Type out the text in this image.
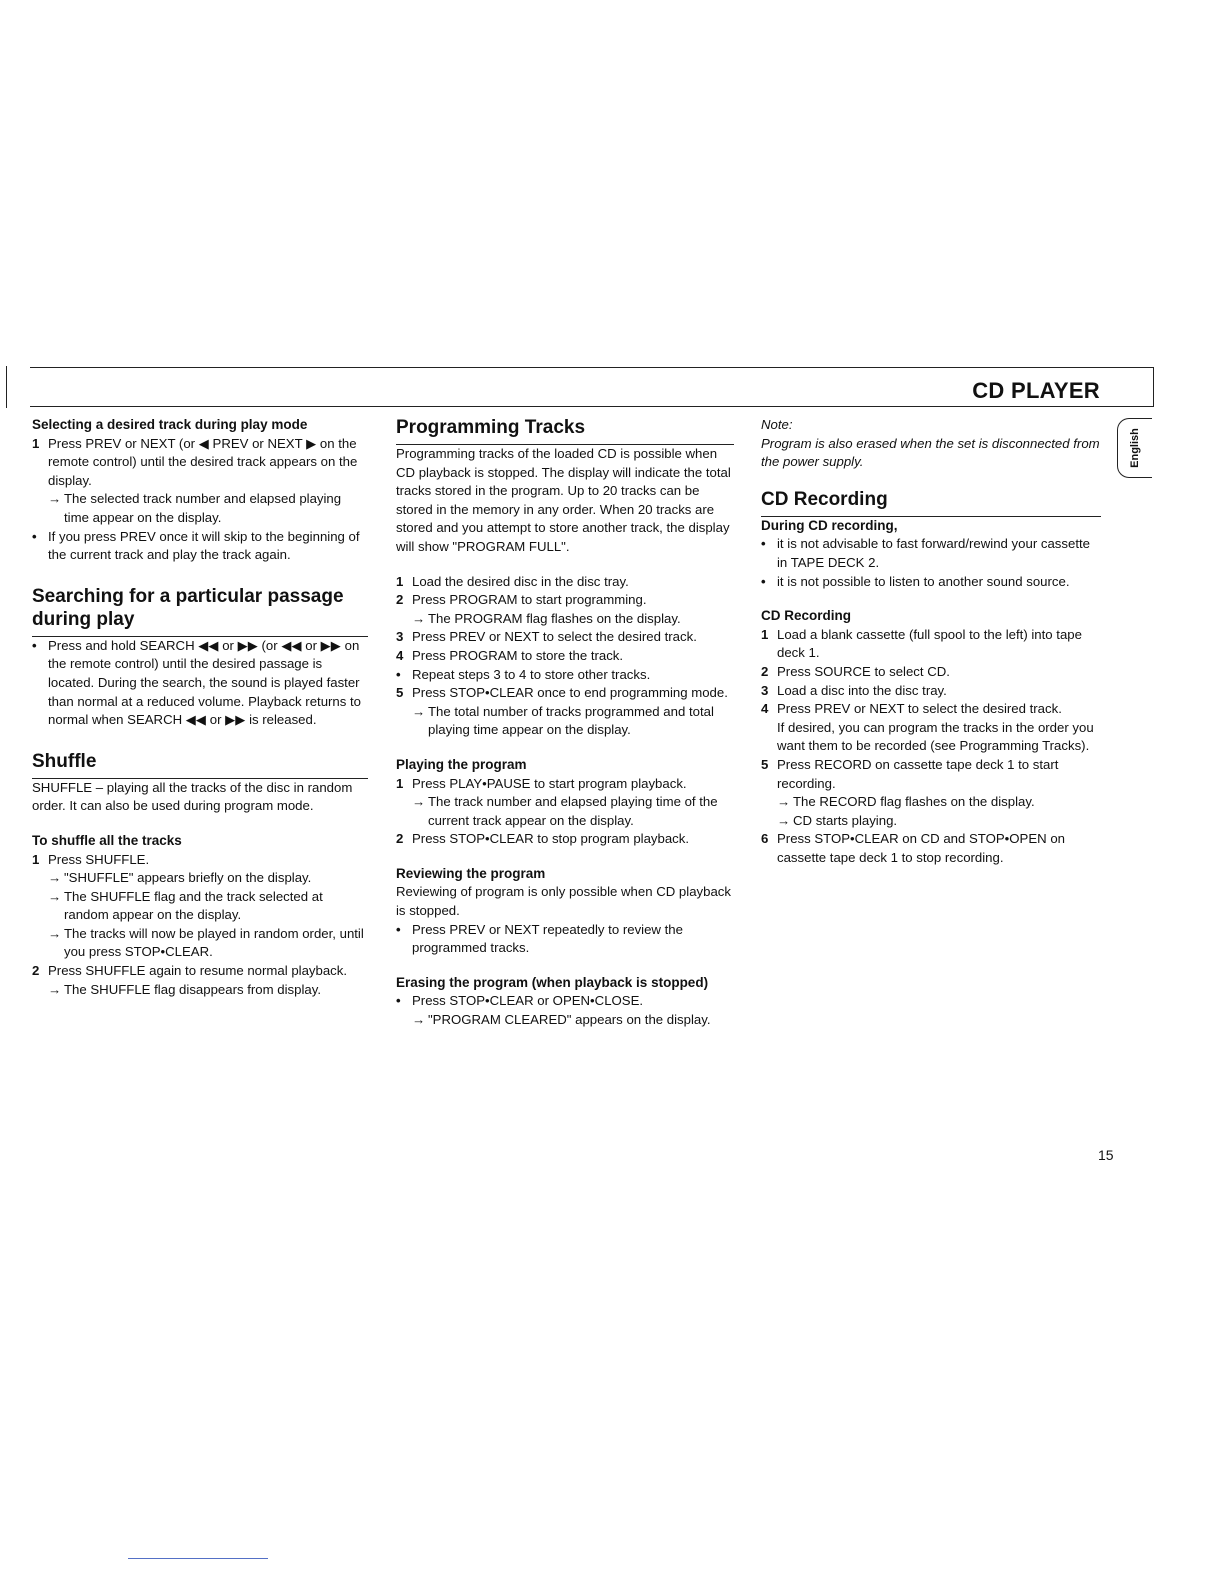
CD PLAYER
English

Selecting a desired track during play mode

1 Press PREV or NEXT (or ◀ PREV or NEXT ▶ on the remote control) until the desired track appears on the display.
→ The selected track number and elapsed playing time appear on the display.
• If you press PREV once it will skip to the beginning of the current track and play the track again.

Searching for a particular passage during play

• Press and hold SEARCH ◀◀ or ▶▶ (or ◀◀ or ▶▶ on the remote control) until the desired passage is located. During the search, the sound is played faster than normal at a reduced volume. Playback returns to normal when SEARCH ◀◀ or ▶▶ is released.

Shuffle

SHUFFLE – playing all the tracks of the disc in random order. It can also be used during program mode.

To shuffle all the tracks

1 Press SHUFFLE.
→ "SHUFFLE" appears briefly on the display.
→ The SHUFFLE flag and the track selected at random appear on the display.
→ The tracks will now be played in random order, until you press STOP•CLEAR.
2 Press SHUFFLE again to resume normal playback.
→ The SHUFFLE flag disappears from display.

Programming Tracks

Programming tracks of the loaded CD is possible when CD playback is stopped. The display will indicate the total tracks stored in the program. Up to 20 tracks can be stored in the memory in any order. When 20 tracks are stored and you attempt to store another track, the display will show "PROGRAM FULL".

1 Load the desired disc in the disc tray.
2 Press PROGRAM to start programming.
→ The PROGRAM flag flashes on the display.
3 Press PREV or NEXT to select the desired track.
4 Press PROGRAM to store the track.
• Repeat steps 3 to 4 to store other tracks.
5 Press STOP•CLEAR once to end programming mode.
→ The total number of tracks programmed and total playing time appear on the display.

Playing the program

1 Press PLAY•PAUSE to start program playback.
→ The track number and elapsed playing time of the current track appear on the display.
2 Press STOP•CLEAR to stop program playback.

Reviewing the program

Reviewing of program is only possible when CD playback is stopped.

• Press PREV or NEXT repeatedly to review the programmed tracks.

Erasing the program (when playback is stopped)

• Press STOP•CLEAR or OPEN•CLOSE.
→ "PROGRAM CLEARED" appears on the display.

Note:

Program is also erased when the set is disconnected from the power supply.

CD Recording

During CD recording,

• it is not advisable to fast forward/rewind your cassette in TAPE DECK 2.
• it is not possible to listen to another sound source.

CD Recording

1 Load a blank cassette (full spool to the left) into tape deck 1.
2 Press SOURCE to select CD.
3 Load a disc into the disc tray.
4 Press PREV or NEXT to select the desired track.

If desired, you can program the tracks in the order you want them to be recorded (see Programming Tracks).

5 Press RECORD on cassette tape deck 1 to start recording.
→ The RECORD flag flashes on the display.
→ CD starts playing.
6 Press STOP•CLEAR on CD and STOP•OPEN on cassette tape deck 1 to stop recording.
15
